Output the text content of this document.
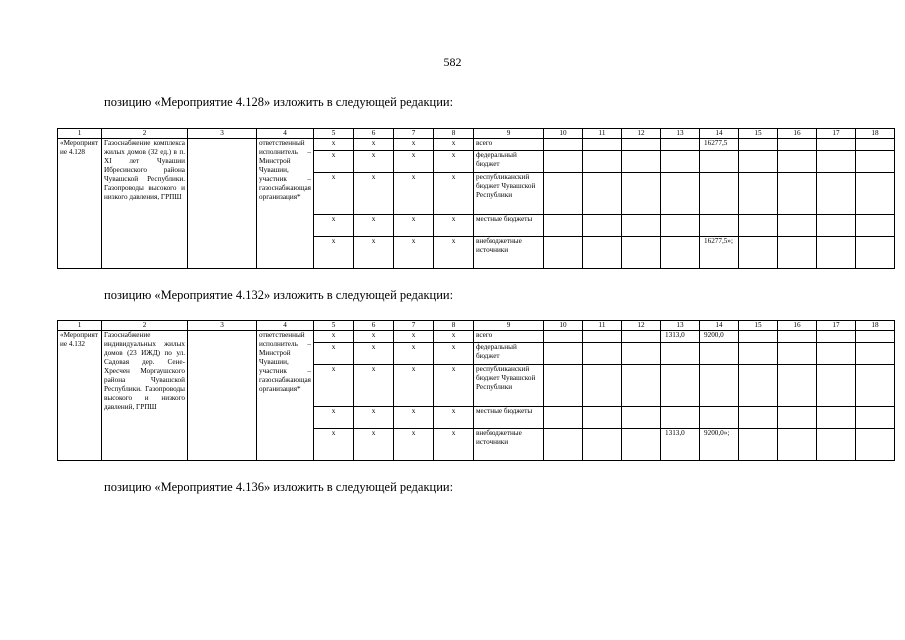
582
позицию «Мероприятие 4.128» изложить в следующей редакции:
позицию «Мероприятие 4.132» изложить в следующей редакции:
позицию «Мероприятие 4.136» изложить в следующей редакции:
1	2	3	4	5	6	7	8	9	10	11	12	13	14	15	16	17	18
«Мероприятие 4.128	Газоснабжение комплекса жилых домов (32 ед.) в п. XI лет Чувашии Ибресинского района Чувашской Республики. Газопроводы высокого и низкого давления, ГРПШ		ответственный исполнитель – Минстрой Чувашии, участник – газоснабжающая организация*	x	x	x	x	всего					16277,5				
				x	x	x	x	федеральный бюджет									
				x	x	x	x	республиканский бюджет Чувашской Республики									
				x	x	x	x	местные бюджеты									
				x	x	x	x	внебюджетные источники					16277,5»;				
1	2	3	4	5	6	7	8	9	10	11	12	13	14	15	16	17	18
«Мероприятие 4.132	Газоснабжение индивидуальных жилых домов (23 ИЖД) по ул. Садовая дер. Сене-Хресчен Моргаушского района Чувашской Республики. Газопроводы высокого и низкого давлений, ГРПШ		ответственный исполнитель – Минстрой Чувашии, участник – газоснабжающая организация*	x	x	x	x	всего				1313,0	9200,0				
				x	x	x	x	федеральный бюджет									
				x	x	x	x	республиканский бюджет Чувашской Республики									
				x	x	x	x	местные бюджеты									
				x	x	x	x	внебюджетные источники				1313,0	9200,0»;				
